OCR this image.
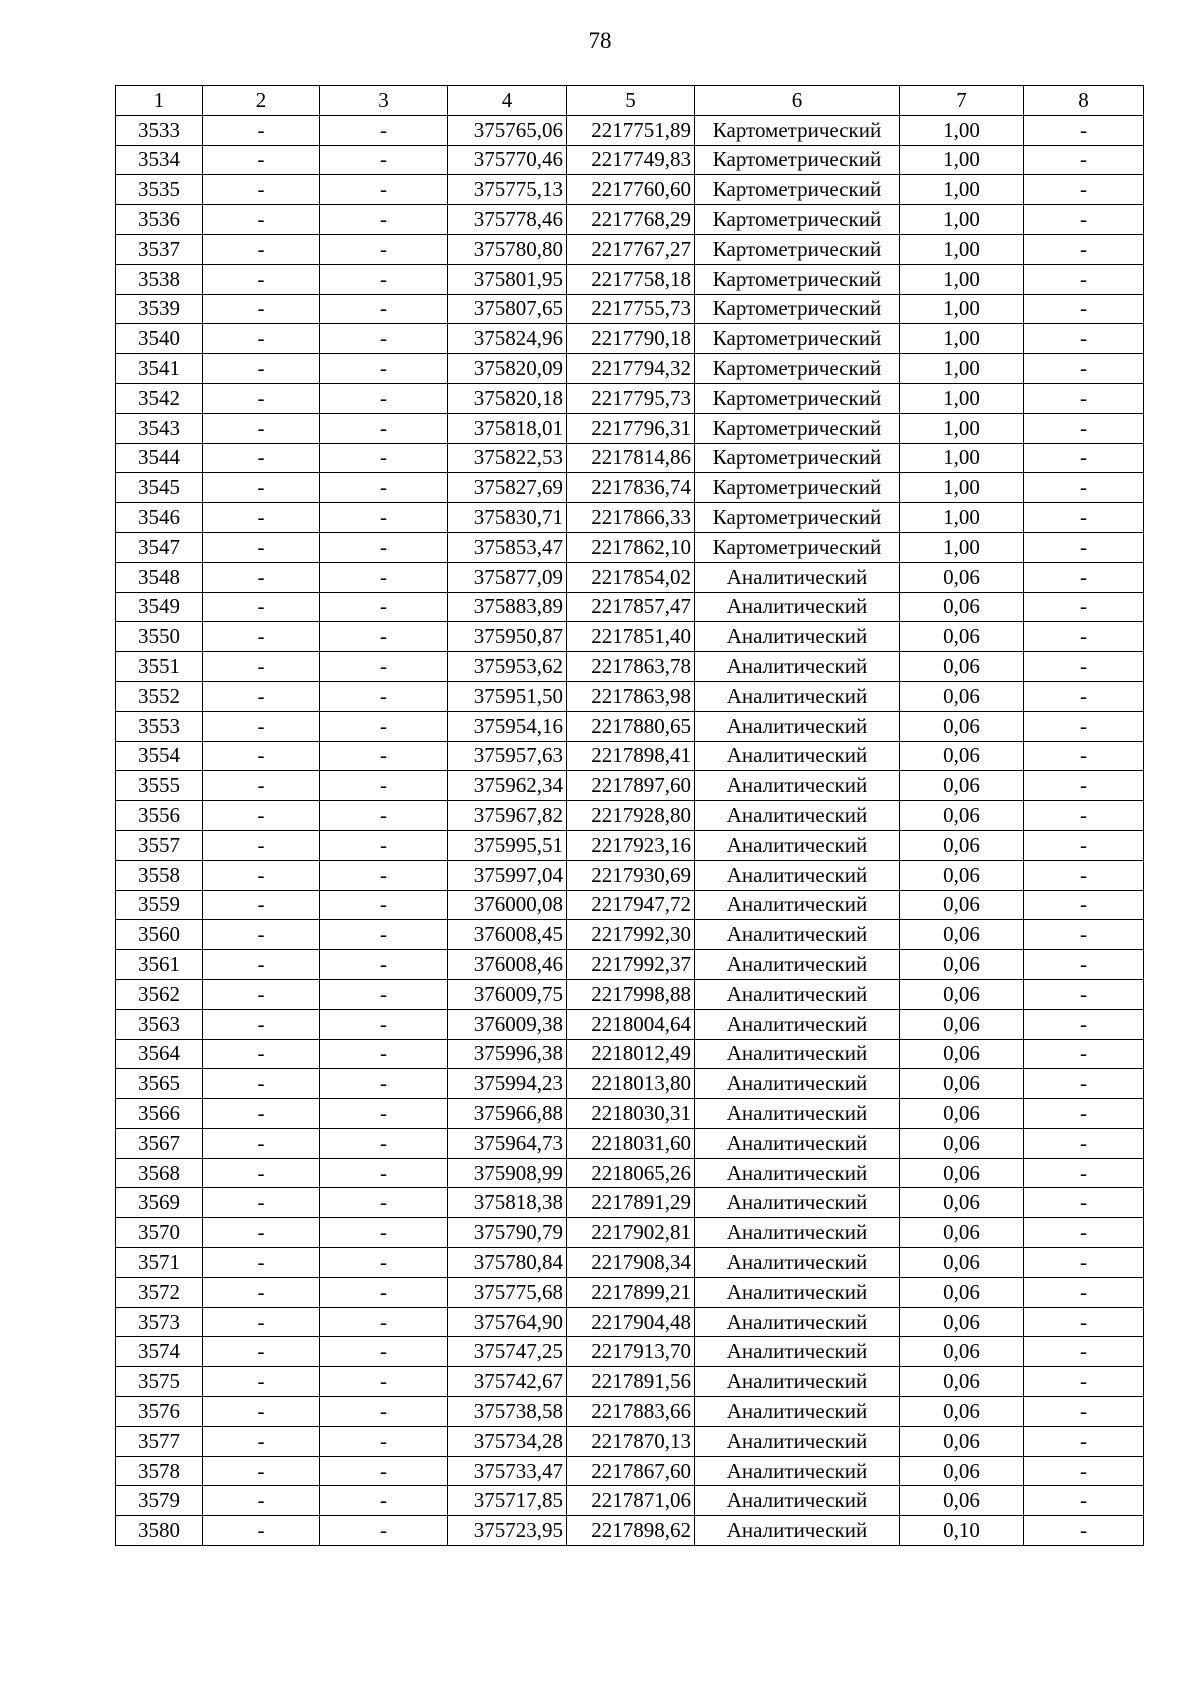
78
1	2	3	4	5	6	7	8
3533	-	-	375765,06	2217751,89	Картометрический	1,00	-
3534	-	-	375770,46	2217749,83	Картометрический	1,00	-
3535	-	-	375775,13	2217760,60	Картометрический	1,00	-
3536	-	-	375778,46	2217768,29	Картометрический	1,00	-
3537	-	-	375780,80	2217767,27	Картометрический	1,00	-
3538	-	-	375801,95	2217758,18	Картометрический	1,00	-
3539	-	-	375807,65	2217755,73	Картометрический	1,00	-
3540	-	-	375824,96	2217790,18	Картометрический	1,00	-
3541	-	-	375820,09	2217794,32	Картометрический	1,00	-
3542	-	-	375820,18	2217795,73	Картометрический	1,00	-
3543	-	-	375818,01	2217796,31	Картометрический	1,00	-
3544	-	-	375822,53	2217814,86	Картометрический	1,00	-
3545	-	-	375827,69	2217836,74	Картометрический	1,00	-
3546	-	-	375830,71	2217866,33	Картометрический	1,00	-
3547	-	-	375853,47	2217862,10	Картометрический	1,00	-
3548	-	-	375877,09	2217854,02	Аналитический	0,06	-
3549	-	-	375883,89	2217857,47	Аналитический	0,06	-
3550	-	-	375950,87	2217851,40	Аналитический	0,06	-
3551	-	-	375953,62	2217863,78	Аналитический	0,06	-
3552	-	-	375951,50	2217863,98	Аналитический	0,06	-
3553	-	-	375954,16	2217880,65	Аналитический	0,06	-
3554	-	-	375957,63	2217898,41	Аналитический	0,06	-
3555	-	-	375962,34	2217897,60	Аналитический	0,06	-
3556	-	-	375967,82	2217928,80	Аналитический	0,06	-
3557	-	-	375995,51	2217923,16	Аналитический	0,06	-
3558	-	-	375997,04	2217930,69	Аналитический	0,06	-
3559	-	-	376000,08	2217947,72	Аналитический	0,06	-
3560	-	-	376008,45	2217992,30	Аналитический	0,06	-
3561	-	-	376008,46	2217992,37	Аналитический	0,06	-
3562	-	-	376009,75	2217998,88	Аналитический	0,06	-
3563	-	-	376009,38	2218004,64	Аналитический	0,06	-
3564	-	-	375996,38	2218012,49	Аналитический	0,06	-
3565	-	-	375994,23	2218013,80	Аналитический	0,06	-
3566	-	-	375966,88	2218030,31	Аналитический	0,06	-
3567	-	-	375964,73	2218031,60	Аналитический	0,06	-
3568	-	-	375908,99	2218065,26	Аналитический	0,06	-
3569	-	-	375818,38	2217891,29	Аналитический	0,06	-
3570	-	-	375790,79	2217902,81	Аналитический	0,06	-
3571	-	-	375780,84	2217908,34	Аналитический	0,06	-
3572	-	-	375775,68	2217899,21	Аналитический	0,06	-
3573	-	-	375764,90	2217904,48	Аналитический	0,06	-
3574	-	-	375747,25	2217913,70	Аналитический	0,06	-
3575	-	-	375742,67	2217891,56	Аналитический	0,06	-
3576	-	-	375738,58	2217883,66	Аналитический	0,06	-
3577	-	-	375734,28	2217870,13	Аналитический	0,06	-
3578	-	-	375733,47	2217867,60	Аналитический	0,06	-
3579	-	-	375717,85	2217871,06	Аналитический	0,06	-
3580	-	-	375723,95	2217898,62	Аналитический	0,10	-
